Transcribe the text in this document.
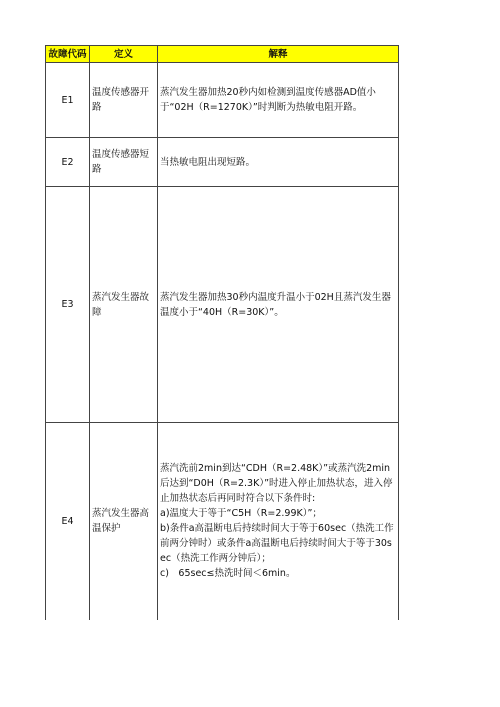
故障代码	定义	解释
E1	温度传感器开路	蒸汽发生器加热20秒内如检测到温度传感器AD值小于“02H（R=1270K）”时判断为热敏电阻开路。

E2	温度传感器短路	当热敏电阻出现短路。

E3	蒸汽发生器故障	蒸汽发生器加热30秒内温度升温小于02H且蒸汽发生器温度小于“40H（R=30K）”。

E4	蒸汽发生器高温保护	蒸汽洗前2min到达“CDH（R=2.48K）”或蒸汽洗2min后达到“D0H（R=2.3K）”时进入停止加热状态，进入停止加热状态后再同时符合以下条件时:
a)温度大于等于“C5H（R=2.99K）”；
b)条件a高温断电后持续时间大于等于60sec（热洗工作前两分钟时）或条件a高温断电后持续时间大于等于30sec（热洗工作两分钟后）；
c)　65sec≤热洗时间＜6min。
